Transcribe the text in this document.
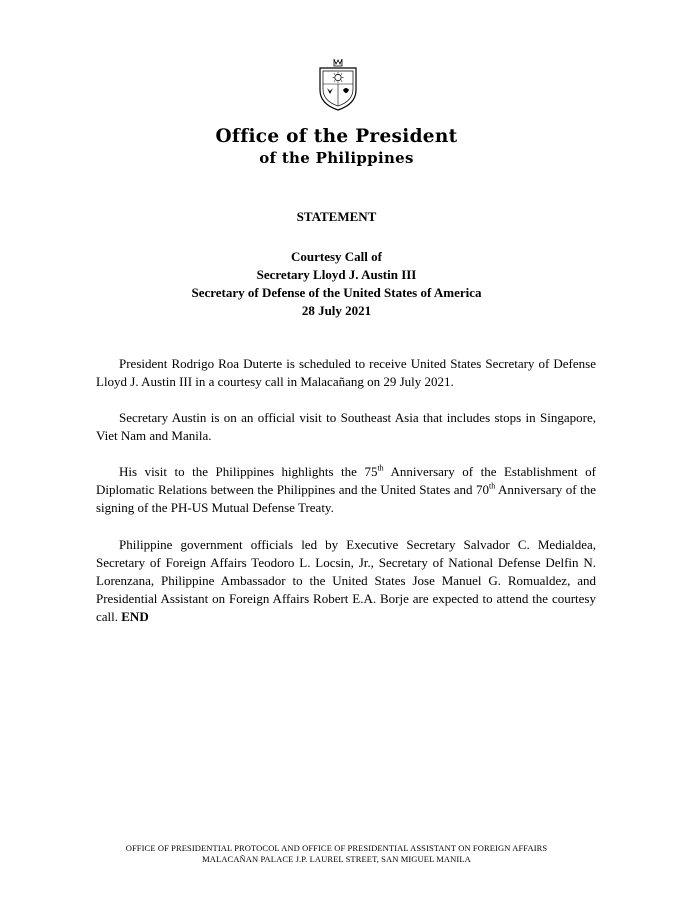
Office of the President
of the Philippines
STATEMENT
Courtesy Call of
Secretary Lloyd J. Austin III
Secretary of Defense of the United States of America
28 July 2021

President Rodrigo Roa Duterte is scheduled to receive United States Secretary of Defense Lloyd J. Austin III in a courtesy call in Malacañang on 29 July 2021.

Secretary Austin is on an official visit to Southeast Asia that includes stops in Singapore, Viet Nam and Manila.

His visit to the Philippines highlights the 75th Anniversary of the Establishment of Diplomatic Relations between the Philippines and the United States and 70th Anniversary of the signing of the PH-US Mutual Defense Treaty.

Philippine government officials led by Executive Secretary Salvador C. Medialdea, Secretary of Foreign Affairs Teodoro L. Locsin, Jr., Secretary of National Defense Delfin N. Lorenzana, Philippine Ambassador to the United States Jose Manuel G. Romualdez, and Presidential Assistant on Foreign Affairs Robert E.A. Borje are expected to attend the courtesy call. END

OFFICE OF PRESIDENTIAL PROTOCOL AND OFFICE OF PRESIDENTIAL ASSISTANT ON FOREIGN AFFAIRS
MALACAÑAN PALACE J.P. LAUREL STREET, SAN MIGUEL MANILA
